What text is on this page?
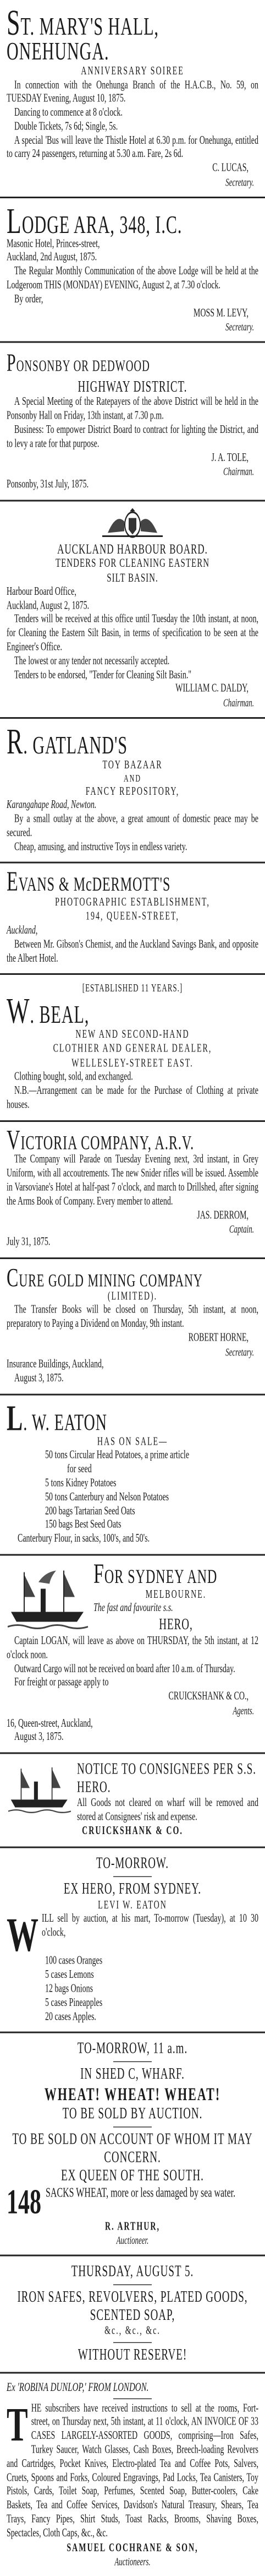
ST. MARY'S HALL, ONEHUNGA.

ANNIVERSARY SOIREE

In connection with the Onehunga Branch of the H.A.C.B., No. 59, on TUESDAY Evening, August 10, 1875.

Dancing to commence at 8 o'clock.

Double Tickets, 7s 6d; Single, 5s.

A special 'Bus will leave the Thistle Hotel at 6.30 p.m. for Onehunga, entitled to carry 24 passengers, returning at 5.30 a.m. Fare, 2s 6d.

C. LUCAS,

Secretary.

LODGE ARA, 348, I.C.

Masonic Hotel, Princes-street,

Auckland, 2nd August, 1875.

The Regular Monthly Communication of the above Lodge will be held at the Lodgeroom THIS (MONDAY) EVENING, August 2, at 7.30 o'clock.

By order,

MOSS M. LEVY,

Secretary.

PONSONBY OR DEDWOOD

HIGHWAY DISTRICT.

A Special Meeting of the Ratepayers of the above District will be held in the Ponsonby Hall on Friday, 13th instant, at 7.30 p.m.

Business: To empower District Board to contract for lighting the District, and to levy a rate for that purpose.

J. A. TOLE,

Chairman.

Ponsonby, 31st July, 1875.

AUCKLAND HARBOUR BOARD.

TENDERS FOR CLEANING EASTERN

SILT BASIN.

Harbour Board Office,

Auckland, August 2, 1875.

Tenders will be received at this office until Tuesday the 10th instant, at noon, for Cleaning the Eastern Silt Basin, in terms of specification to be seen at the Engineer's Office.

The lowest or any tender not necessarily accepted.

Tenders to be endorsed, "Tender for Cleaning Silt Basin."

WILLIAM C. DALDY,

Chairman.

R. GATLAND'S

TOY BAZAAR

AND

FANCY REPOSITORY,

Karangahape Road, Newton.

By a small outlay at the above, a great amount of domestic peace may be secured.

Cheap, amusing, and instructive Toys in endless variety.

EVANS & McDERMOTT'S

PHOTOGRAPHIC ESTABLISHMENT,

194, QUEEN-STREET,

Auckland,

Between Mr. Gibson's Chemist, and the Auckland Savings Bank, and opposite the Albert Hotel.

[ESTABLISHED 11 YEARS.]

W. BEAL,

NEW AND SECOND-HAND

CLOTHIER AND GENERAL DEALER,

WELLESLEY-STREET EAST.

Clothing bought, sold, and exchanged.

N.B.—Arrangement can be made for the Purchase of Clothing at private houses.

VICTORIA COMPANY, A.R.V.

The Company will Parade on Tuesday Evening next, 3rd instant, in Grey Uniform, with all accoutrements. The new Snider rifles will be issued. Assemble in Varsoviane's Hotel at half-past 7 o'clock, and march to Drillshed, after signing the Arms Book of Company. Every member to attend.

JAS. DERROM,

Captain.

July 31, 1875.

CURE GOLD MINING COMPANY

(LIMITED).

The Transfer Books will be closed on Thursday, 5th instant, at noon, preparatory to Paying a Dividend on Monday, 9th instant.

ROBERT HORNE,

Secretary.

Insurance Buildings, Auckland,

August 3, 1875.

L. W. EATON

HAS ON SALE—

50 tons Circular Head Potatoes, a prime article

for seed

5 tons Kidney Potatoes

50 tons Canterbury and Nelson Potatoes

200 bags Tartarian Seed Oats

150 bags Best Seed Oats

Canterbury Flour, in sacks, 100's, and 50's.

FOR SYDNEY AND

MELBOURNE.

The fast and favourite s.s.

HERO,

Captain LOGAN, will leave as above on THURSDAY, the 5th instant, at 12 o'clock noon.

Outward Cargo will not be received on board after 10 a.m. of Thursday.

For freight or passage apply to

CRUICKSHANK & CO.,

Agents.

16, Queen-street, Auckland,

August 3, 1875.

NOTICE TO CONSIGNEES PER S.S. HERO.

All Goods not cleared on wharf will be removed and stored at Consignees' risk and expense.

CRUICKSHANK & CO.

TO-MORROW.

EX HERO, FROM SYDNEY.

LEVI W. EATON

WILL sell by auction, at his mart, To-morrow (Tuesday), at 10 30 o'clock,

100 cases Oranges

5 cases Lemons

12 bags Onions

5 cases Pineapples

20 cases Apples.

TO-MORROW, 11 a.m.

IN SHED C, WHARF.

WHEAT! WHEAT! WHEAT!

TO BE SOLD BY AUCTION.

TO BE SOLD ON ACCOUNT OF WHOM IT MAY CONCERN.

EX QUEEN OF THE SOUTH.

148 SACKS WHEAT, more or less damaged by sea water.

R. ARTHUR,

Auctioneer.

THURSDAY, AUGUST 5.

IRON SAFES, REVOLVERS, PLATED GOODS, SCENTED SOAP,

&c., &c., &c.

WITHOUT RESERVE!

Ex 'ROBINA DUNLOP,' FROM LONDON.

THE subscribers have received instructions to sell at the rooms, Fort-street, on Thursday next, 5th instant, at 11 o'clock, AN INVOICE OF 33 CASES LARGELY-ASSORTED GOODS, comprising—Iron Safes, Turkey Saucer, Watch Glasses, Cash Boxes, Breech-loading Revolvers and Cartridges, Pocket Knives, Electro-plated Tea and Coffee Pots, Salvers, Cruets, Spoons and Forks, Coloured Engravings, Pad Locks, Tea Canisters, Toy Pistols, Cards, Toilet Soap, Perfumes, Scented Soap, Butter-coolers, Cake Baskets, Tea and Coffee Services, Davidson's Natural Treasury, Shears, Tea Trays, Fancy Pipes, Shirt Studs, Toast Racks, Brooms, Shaving Boxes, Spectacles, Cloth Caps, &c., &c.

SAMUEL COCHRANE & SON,

Auctioneers.
